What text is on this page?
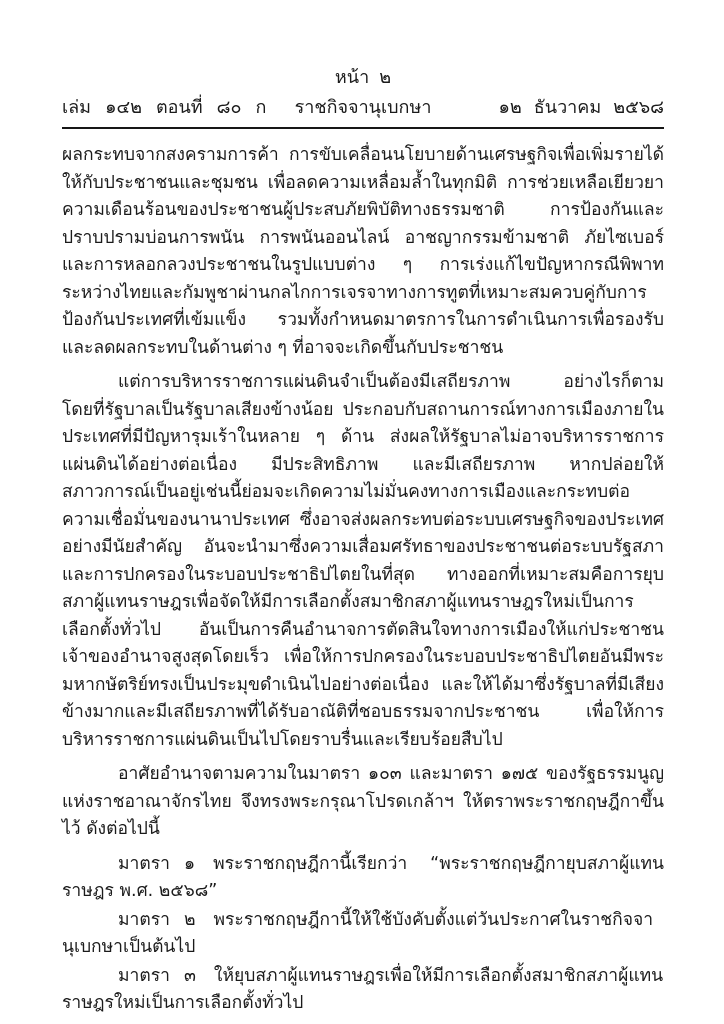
หน้า ๒
เล่ม ๑๔๒ ตอนที่ ๘๐ ก	ราชกิจจานุเบกษา	๑๒ ธันวาคม ๒๕๖๘

ผลกระทบจากสงครามการค้า การขับเคลื่อนนโยบายด้านเศรษฐกิจเพื่อเพิ่มรายได้ให้กับประชาชนและชุมชน เพื่อลดความเหลื่อมล้ำในทุกมิติ การช่วยเหลือเยียวยาความเดือนร้อนของประชาชนผู้ประสบภัยพิบัติทางธรรมชาติ การป้องกันและปราบปรามบ่อนการพนัน การพนันออนไลน์ อาชญากรรมข้ามชาติ ภัยไซเบอร์ และการหลอกลวงประชาชนในรูปแบบต่าง ๆ การเร่งแก้ไขปัญหากรณีพิพาทระหว่างไทยและกัมพูชาผ่านกลไกการเจรจาทางการทูตที่เหมาะสมควบคู่กับการป้องกันประเทศที่เข้มแข็ง รวมทั้งกำหนดมาตรการในการดำเนินการเพื่อรองรับและลดผลกระทบในด้านต่าง ๆ ที่อาจจะเกิดขึ้นกับประชาชน

แต่การบริหารราชการแผ่นดินจำเป็นต้องมีเสถียรภาพ อย่างไรก็ตาม โดยที่รัฐบาลเป็นรัฐบาลเสียงข้างน้อย ประกอบกับสถานการณ์ทางการเมืองภายในประเทศที่มีปัญหารุมเร้าในหลาย ๆ ด้าน ส่งผลให้รัฐบาลไม่อาจบริหารราชการแผ่นดินได้อย่างต่อเนื่อง มีประสิทธิภาพ และมีเสถียรภาพ หากปล่อยให้สภาวการณ์เป็นอยู่เช่นนี้ย่อมจะเกิดความไม่มั่นคงทางการเมืองและกระทบต่อความเชื่อมั่นของนานาประเทศ ซึ่งอาจส่งผลกระทบต่อระบบเศรษฐกิจของประเทศอย่างมีนัยสำคัญ อันจะนำมาซึ่งความเสื่อมศรัทธาของประชาชนต่อระบบรัฐสภาและการปกครองในระบอบประชาธิปไตยในที่สุด ทางออกที่เหมาะสมคือการยุบสภาผู้แทนราษฎรเพื่อจัดให้มีการเลือกตั้งสมาชิกสภาผู้แทนราษฎรใหม่เป็นการเลือกตั้งทั่วไป อันเป็นการคืนอำนาจการตัดสินใจทางการเมืองให้แก่ประชาชนเจ้าของอำนาจสูงสุดโดยเร็ว เพื่อให้การปกครองในระบอบประชาธิปไตยอันมีพระมหากษัตริย์ทรงเป็นประมุขดำเนินไปอย่างต่อเนื่อง และให้ได้มาซึ่งรัฐบาลที่มีเสียงข้างมากและมีเสถียรภาพที่ได้รับอาณัติที่ชอบธรรมจากประชาชน เพื่อให้การบริหารราชการแผ่นดินเป็นไปโดยราบรื่นและเรียบร้อยสืบไป

อาศัยอำนาจตามความในมาตรา ๑๐๓ และมาตรา ๑๗๕ ของรัฐธรรมนูญแห่งราชอาณาจักรไทย จึงทรงพระกรุณาโปรดเกล้าฯ ให้ตราพระราชกฤษฎีกาขึ้นไว้ ดังต่อไปนี้

มาตรา ๑ พระราชกฤษฎีกานี้เรียกว่า “พระราชกฤษฎีกายุบสภาผู้แทนราษฎร พ.ศ. ๒๕๖๘”

มาตรา ๒ พระราชกฤษฎีกานี้ให้ใช้บังคับตั้งแต่วันประกาศในราชกิจจานุเบกษาเป็นต้นไป

มาตรา ๓ ให้ยุบสภาผู้แทนราษฎรเพื่อให้มีการเลือกตั้งสมาชิกสภาผู้แทนราษฎรใหม่เป็นการเลือกตั้งทั่วไป
